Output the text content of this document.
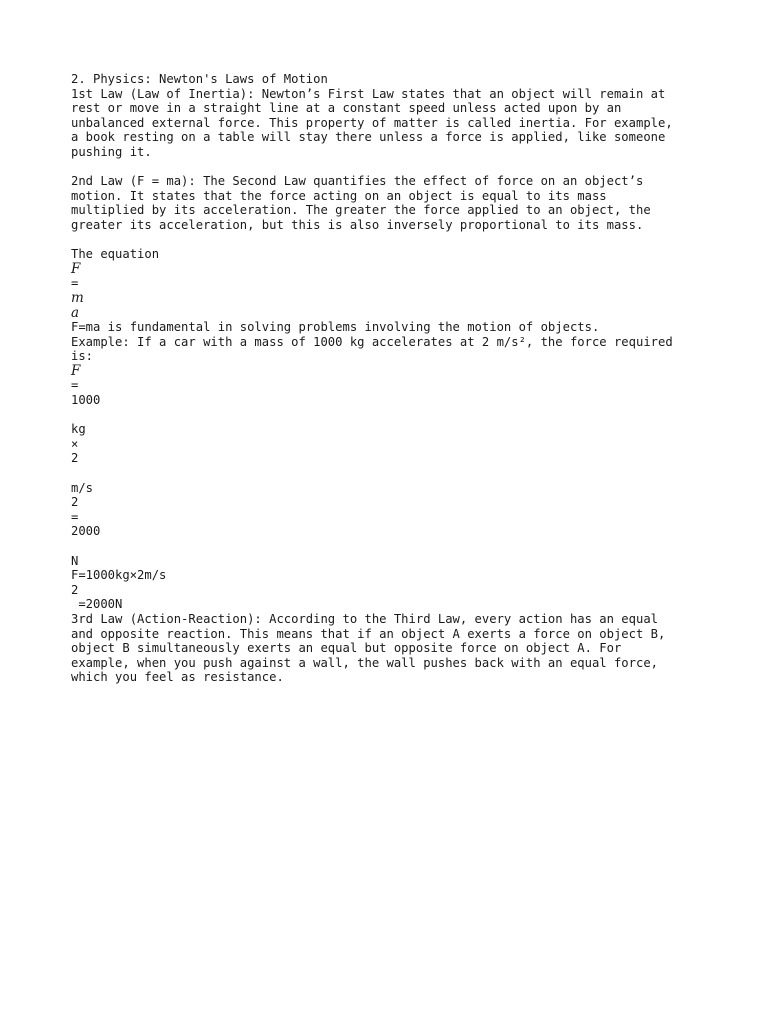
2. Physics: Newton's Laws of Motion
1st Law (Law of Inertia): Newton’s First Law states that an object will remain at
rest or move in a straight line at a constant speed unless acted upon by an
unbalanced external force. This property of matter is called inertia. For example,
a book resting on a table will stay there unless a force is applied, like someone
pushing it.
2nd Law (F = ma): The Second Law quantifies the effect of force on an object’s
motion. It states that the force acting on an object is equal to its mass
multiplied by its acceleration. The greater the force applied to an object, the
greater its acceleration, but this is also inversely proportional to its mass.
The equation
F
=
m
a
F=ma is fundamental in solving problems involving the motion of objects.
Example: If a car with a mass of 1000 kg accelerates at 2 m/s², the force required
is:
F
=
1000
kg
×
2
m/s
2
=
2000
N
F=1000kg×2m/s
2
=2000N
3rd Law (Action-Reaction): According to the Third Law, every action has an equal
and opposite reaction. This means that if an object A exerts a force on object B,
object B simultaneously exerts an equal but opposite force on object A. For
example, when you push against a wall, the wall pushes back with an equal force,
which you feel as resistance.
